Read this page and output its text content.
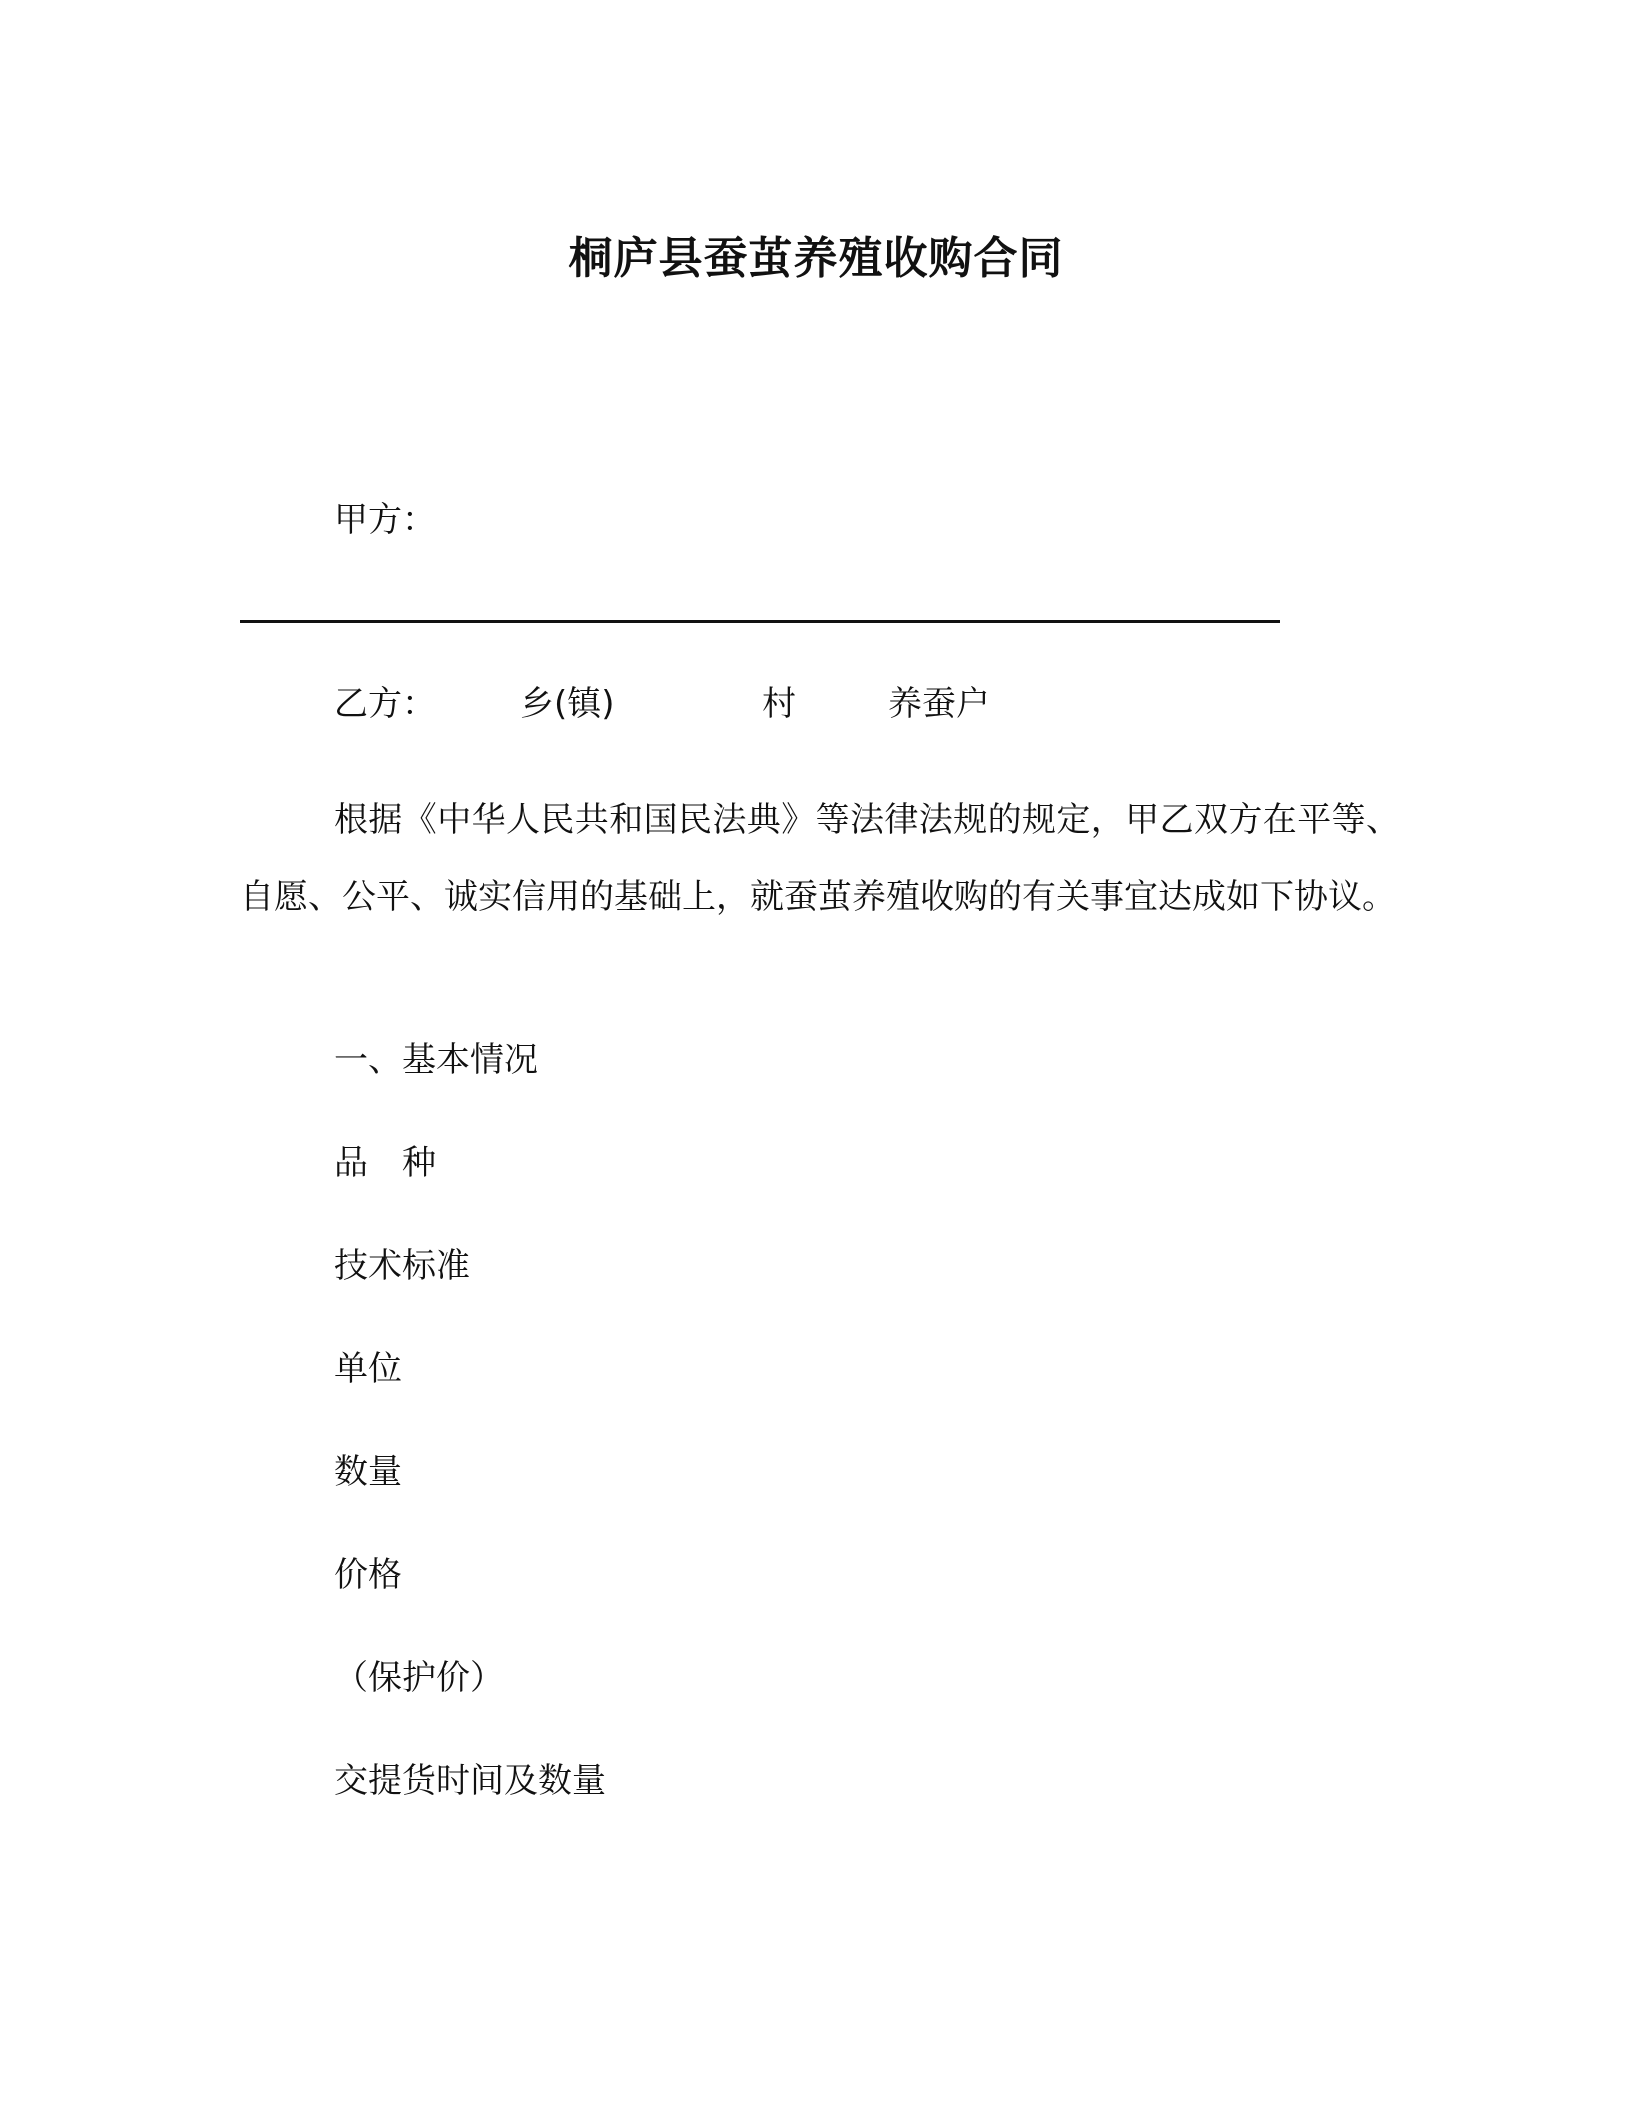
桐庐县蚕茧养殖收购合同

甲方：

乙方： 乡(镇)	村	养蚕户

根据《中华人民共和国民法典》等法律法规的规定，甲乙双方在平等、自愿、公平、诚实信用的基础上，就蚕茧养殖收购的有关事宜达成如下协议。

一、基本情况

品　种

技术标准

单位

数量

价格

（保护价）

交提货时间及数量
